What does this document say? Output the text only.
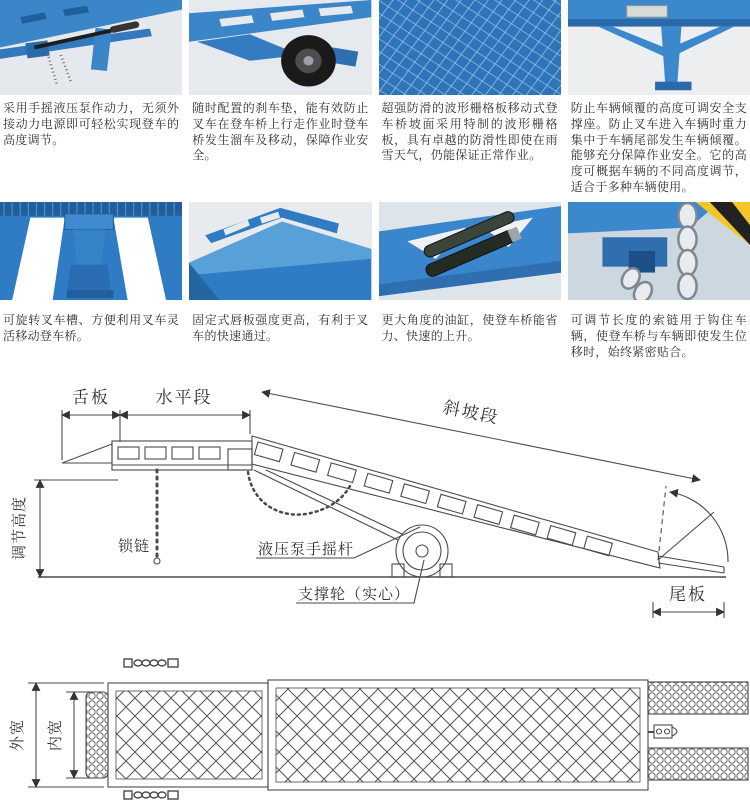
采用手摇液压泵作动力，无须外接动力电源即可轻松实现登车的高度调节。

随时配置的刹车垫，能有效防止叉车在登车桥上行走作业时登车桥发生溜车及移动，保障作业安全。

超强防滑的波形栅格板移动式登车桥坡面采用特制的波形栅格板，具有卓越的防滑性即使在雨雪天气，仍能保证正常作业。

防止车辆倾覆的高度可调安全支撑座。防止叉车进入车辆时重力集中于车辆尾部发生车辆倾覆。能够充分保障作业安全。它的高度可概据车辆的不同高度调节，适合于多种车辆使用。

可旋转叉车槽、方便利用叉车灵活移动登车桥。

固定式唇板强度更高，有利于叉车的快速通过。

更大角度的油缸，使登车桥能省力、快速的上升。

可调节长度的索链用于钩住车辆，使登车桥与车辆即使发生位移时，始终紧密贴合。

舌板	水平段	斜坡段
调节高度	锁链	液压泵手摇杆
支撑轮（实心）	尾板
外宽 内宽
